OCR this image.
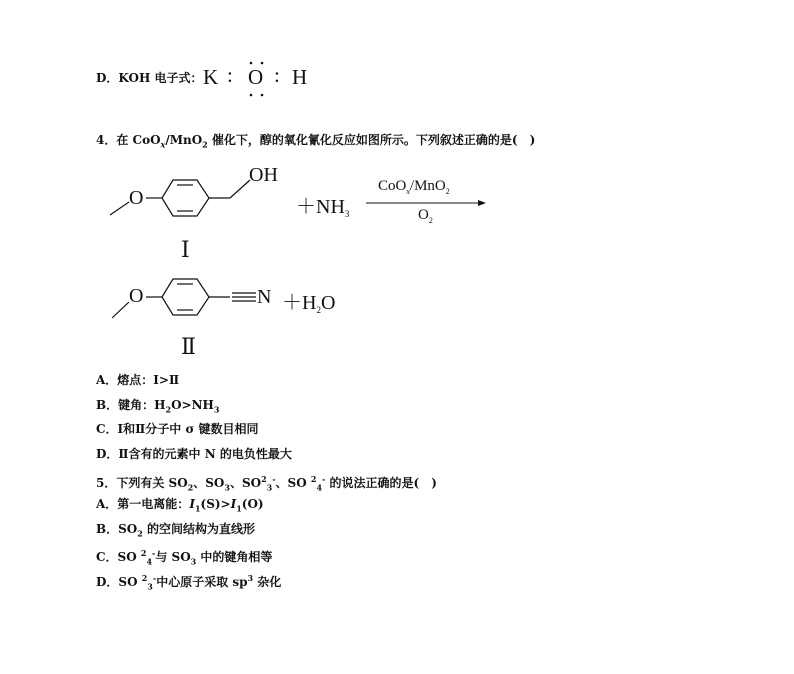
D．KOH 电子式： K : O : H
4．在 CoO$_x$/MnO$_2$ 催化下，醇的氧化氰化反应如图所示。下列叙述正确的是(　)
OH
O	$+NH_3$
CoO$_x$/MnO$_2$
$O_2$
Ⅰ
O	$N +H_2O$
Ⅱ
A．熔点：Ⅰ>Ⅱ
B．键角：$H_2O>NH_3$
C．Ⅰ和Ⅱ分子中 σ 键数目相同
D．Ⅱ含有的元素中 N 的电负性最大
5．下列有关 $SO_2$、$SO_3$、$SO^2_3^-$、SO $^2_4$- 的说法正确的是(　)
A．第一电离能：$I_1(S)>I_1(O)$
B．$SO_2$ 的空间结构为直线形
C．SO $^2_4$-与 $SO_3$ 中的键角相等
D．SO $^2_3$-中心原子采取 $sp^3$ 杂化
